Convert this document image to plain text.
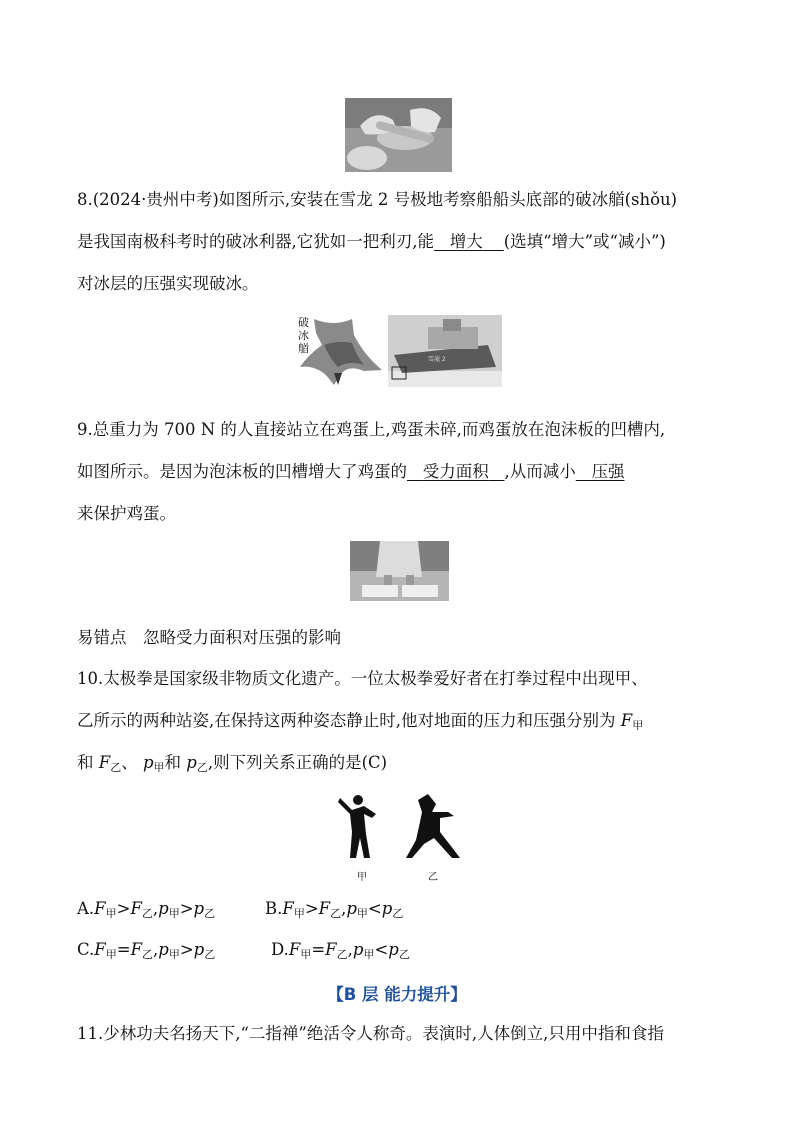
8.(2024·贵州中考)如图所示,安装在雪龙 2 号极地考察船船头底部的破冰艏(shǒu)
是我国南极科考时的破冰利器,它犹如一把利刃,能 增大 (选填“增大”或“减小”)
对冰层的压强实现破冰。
破冰艏
雪龍 2
9.总重力为 700 N 的人直接站立在鸡蛋上,鸡蛋未碎,而鸡蛋放在泡沫板的凹槽内,
如图所示。是因为泡沫板的凹槽增大了鸡蛋的 受力面积 ,从而减小 压强
来保护鸡蛋。
易错点　忽略受力面积对压强的影响
10.太极拳是国家级非物质文化遗产。一位太极拳爱好者在打拳过程中出现甲、
乙所示的两种站姿,在保持这两种姿态静止时,他对地面的压力和压强分别为 $F_甲$
和 $F_乙$、 $p_甲$和 $p_乙$,则下列关系正确的是(C)
甲	乙
$A.F_甲>F_乙,p_甲>p_乙$	$B.F_甲>F_乙,p_甲<p_乙$
$C.F_甲=F_乙,p_甲>p_乙$	$D.F_甲=F_乙,p_甲<p_乙$
【B 层 能力提升】
11.少林功夫名扬天下,“二指禅”绝活令人称奇。表演时,人体倒立,只用中指和食指
